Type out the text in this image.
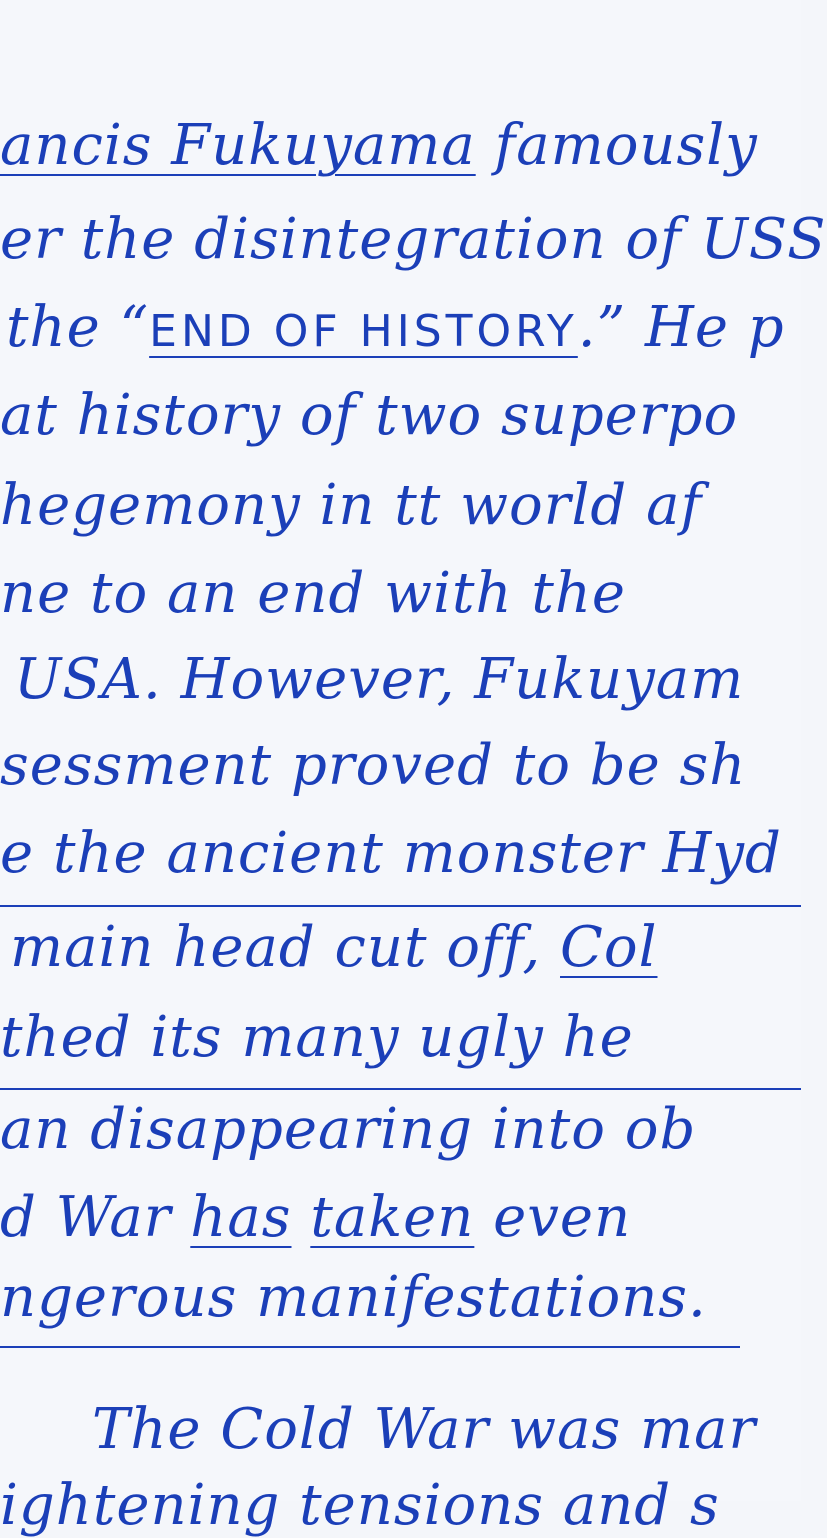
ancis Fukuyama famously
er the disintegration of USS
the “END OF HISTORY.” He p
at history of two superpo
hegemony in tt world af
ne to an end with the
USA. However, Fukuyam
sessment proved to be sh
e the ancient monster Hyd
main head cut off, Col
thed its many ugly he
an disappearing into ob
d War has taken even
ngerous manifestations.
The Cold War was mar
ightening tensions and s
